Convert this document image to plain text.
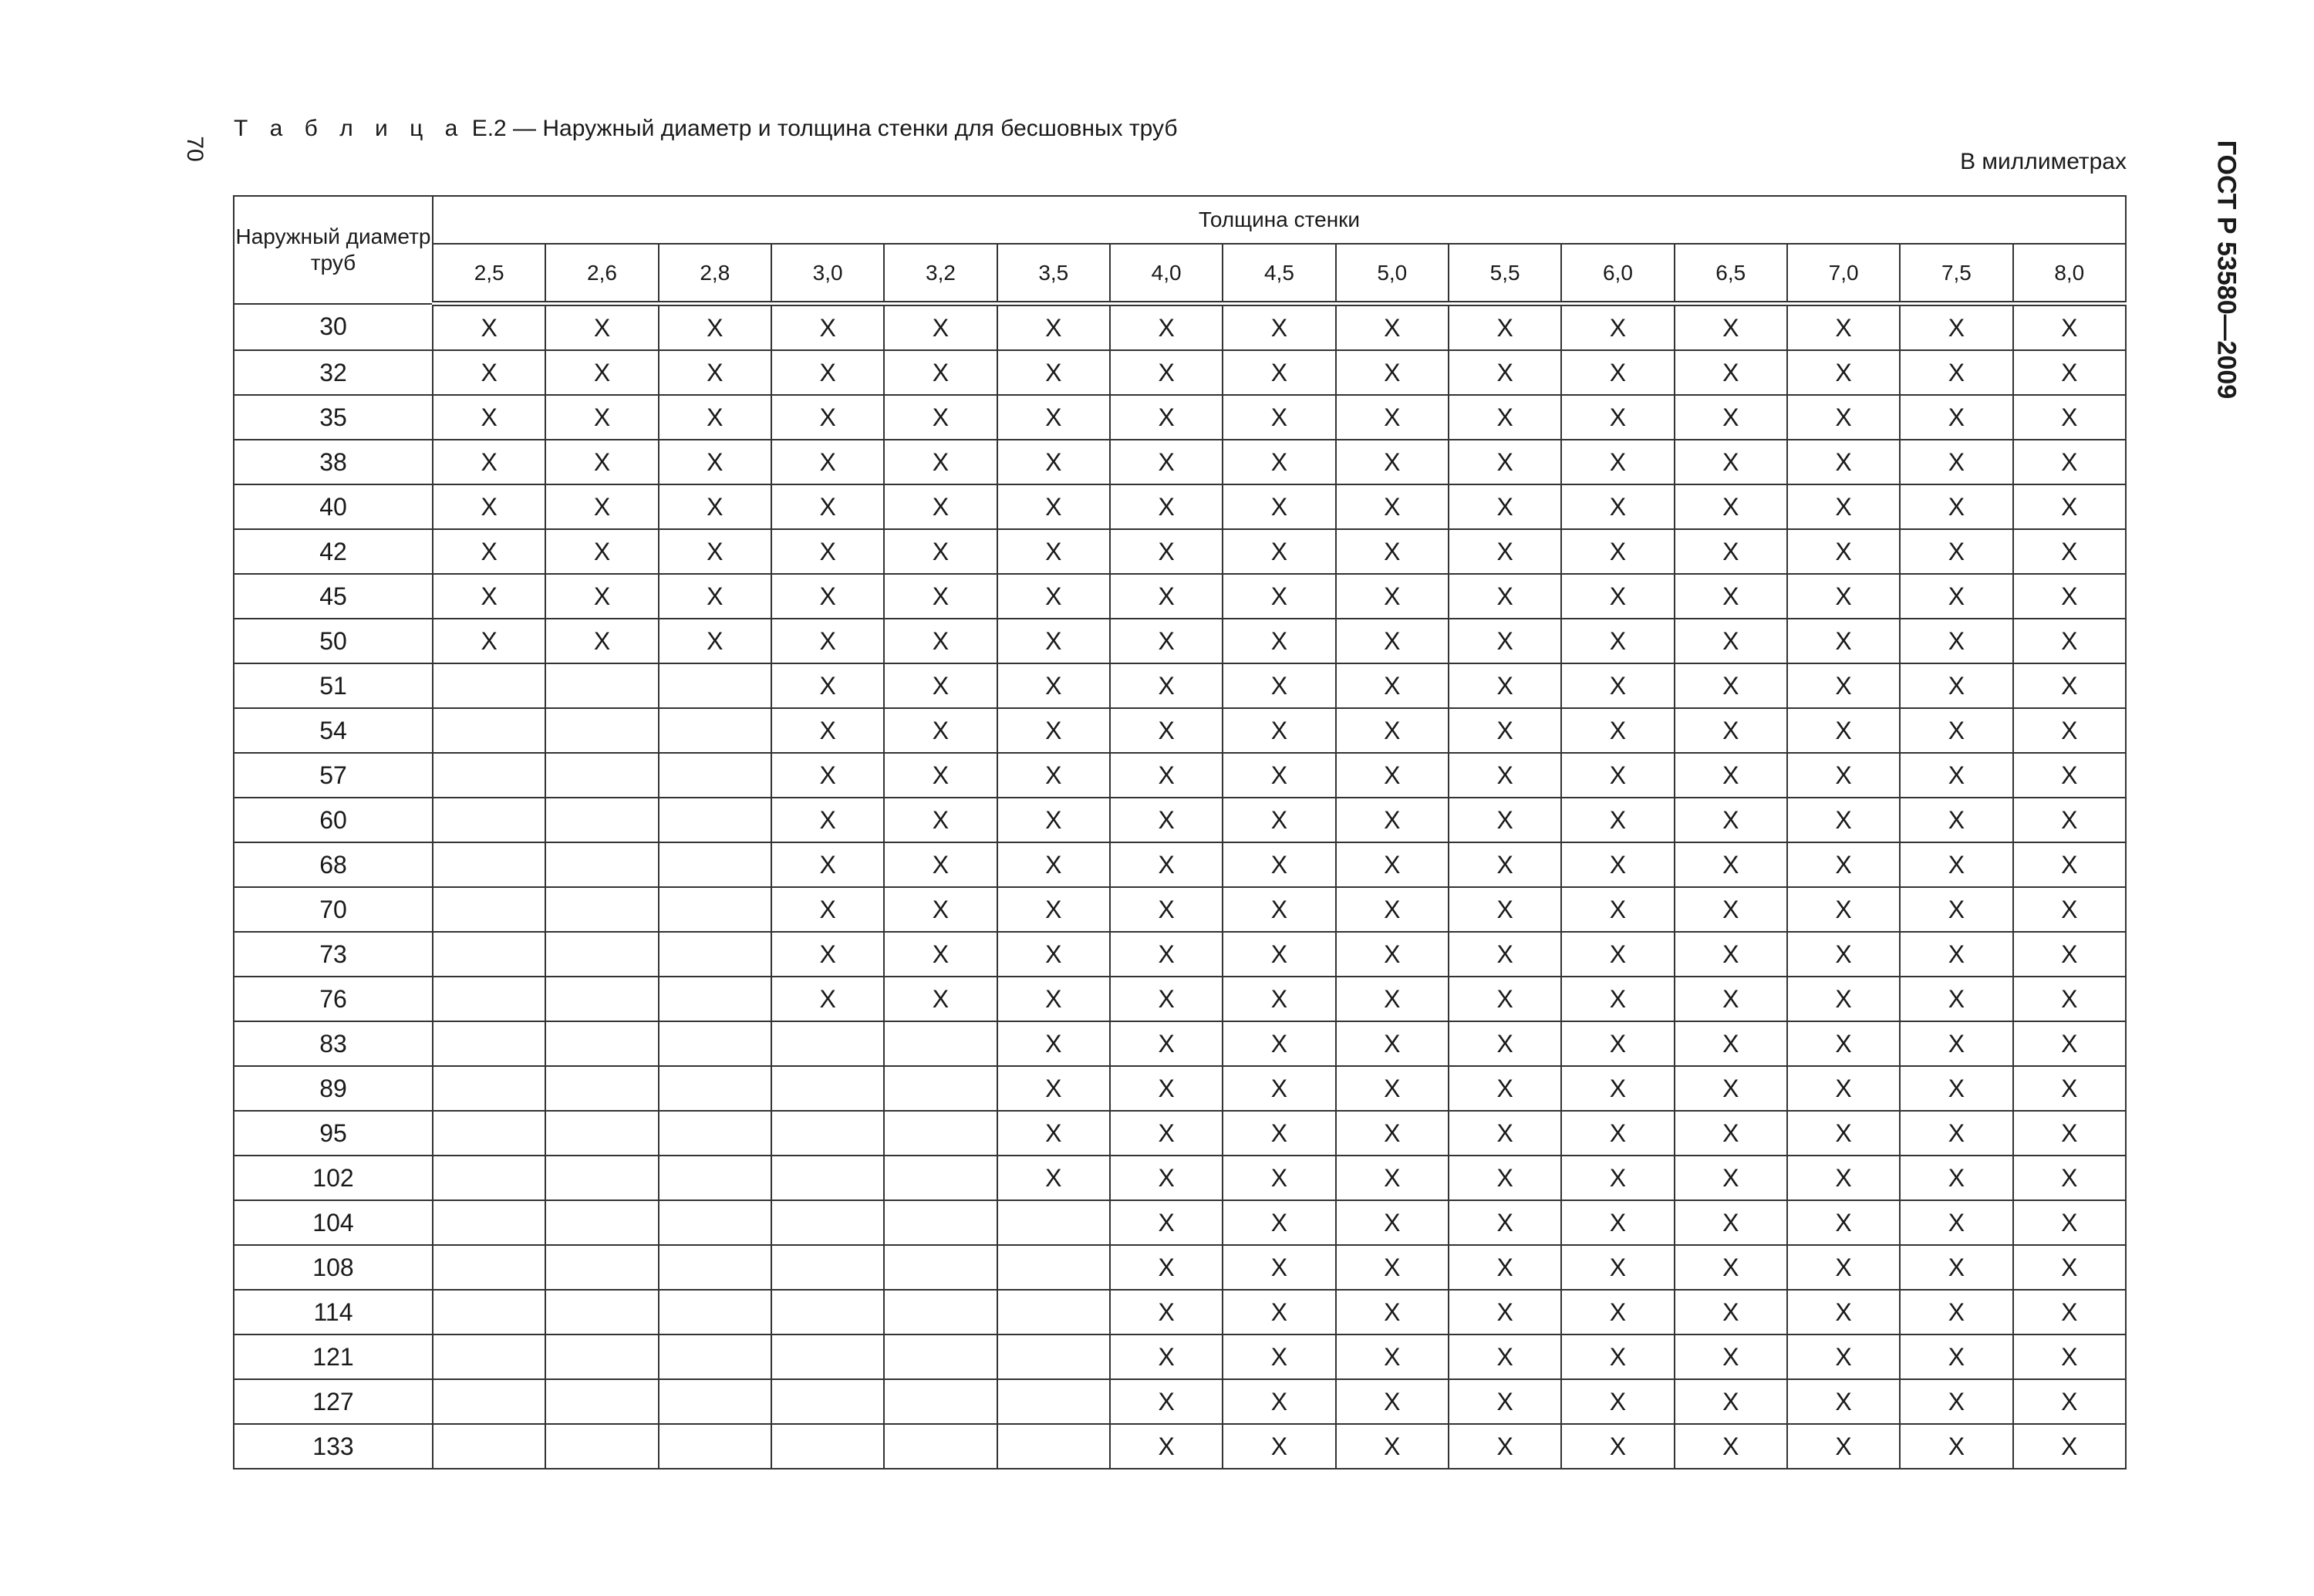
70
Т а б л и ц а Е.2 — Наружный диаметр и толщина стенки для бесшовных труб
В миллиметрах	ГОСТ Р 53580—2009
Наружный диаметр труб	Толщина стенки														
	2,5	2,6	2,8	3,0	3,2	3,5	4,0	4,5	5,0	5,5	6,0	6,5	7,0	7,5	8,0
30	X	X	X	X	X	X	X	X	X	X	X	X	X	X	X
32	X	X	X	X	X	X	X	X	X	X	X	X	X	X	X
35	X	X	X	X	X	X	X	X	X	X	X	X	X	X	X
38	X	X	X	X	X	X	X	X	X	X	X	X	X	X	X
40	X	X	X	X	X	X	X	X	X	X	X	X	X	X	X
42	X	X	X	X	X	X	X	X	X	X	X	X	X	X	X
45	X	X	X	X	X	X	X	X	X	X	X	X	X	X	X
50	X	X	X	X	X	X	X	X	X	X	X	X	X	X	X
51				X	X	X	X	X	X	X	X	X	X	X	X
54				X	X	X	X	X	X	X	X	X	X	X	X
57				X	X	X	X	X	X	X	X	X	X	X	X
60				X	X	X	X	X	X	X	X	X	X	X	X
68				X	X	X	X	X	X	X	X	X	X	X	X
70				X	X	X	X	X	X	X	X	X	X	X	X
73				X	X	X	X	X	X	X	X	X	X	X	X
76				X	X	X	X	X	X	X	X	X	X	X	X
83						X	X	X	X	X	X	X	X	X	X
89						X	X	X	X	X	X	X	X	X	X
95						X	X	X	X	X	X	X	X	X	X
102						X	X	X	X	X	X	X	X	X	X
104							X	X	X	X	X	X	X	X	X
108							X	X	X	X	X	X	X	X	X
114							X	X	X	X	X	X	X	X	X
121							X	X	X	X	X	X	X	X	X
127							X	X	X	X	X	X	X	X	X
133							X	X	X	X	X	X	X	X	X
